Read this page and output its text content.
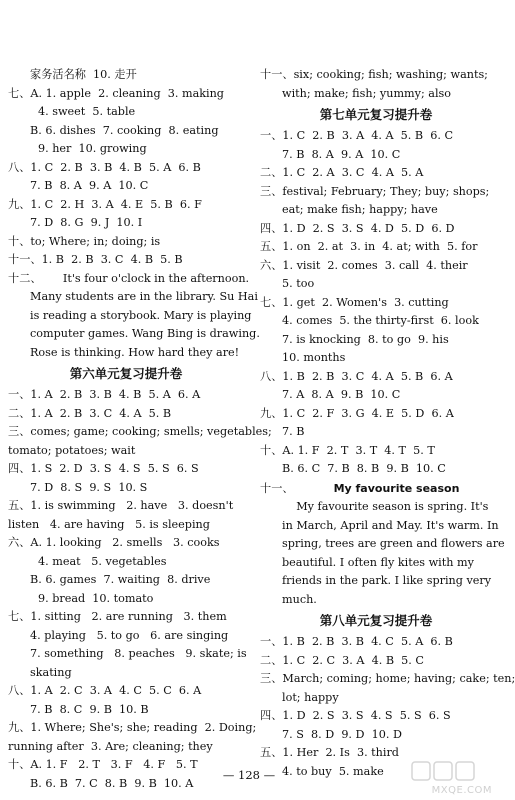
家务活名称  10. 走开
七、A. 1. apple  2. cleaning  3. making
4. sweet  5. table
B. 6. dishes  7. cooking  8. eating
9. her  10. growing
八、1. C  2. B  3. B  4. B  5. A  6. B
7. B  8. A  9. A  10. C
九、1. C  2. H  3. A  4. E  5. B  6. F
7. D  8. G  9. J  10. I
十、to; Where; in; doing; is
十一、1. B  2. B  3. C  4. B  5. B
十二、      It's four o'clock in the afternoon.
Many students are in the library. Su Hai
is reading a storybook. Mary is playing
computer games. Wang Bing is drawing.
Rose is thinking. How hard they are!
第六单元复习提升卷
一、1. A  2. B  3. B  4. B  5. A  6. A
二、1. A  2. B  3. C  4. A  5. B
三、comes; game; cooking; smells; vegetables;
tomato; potatoes; wait
四、1. S  2. D  3. S  4. S  5. S  6. S
7. D  8. S  9. S  10. S
五、1. is swimming   2. have   3. doesn't
listen   4. are having   5. is sleeping
六、A. 1. looking   2. smells   3. cooks
4. meat   5. vegetables
B. 6. games  7. waiting  8. drive
9. bread  10. tomato
七、1. sitting   2. are running   3. them
4. playing   5. to go   6. are singing
7. something   8. peaches   9. skate; is
skating
八、1. A  2. C  3. A  4. C  5. C  6. A
7. B  8. C  9. B  10. B
九、1. Where; She's; she; reading  2. Doing;
running after  3. Are; cleaning; they
十、A. 1. F   2. T   3. F   4. F   5. T
B. 6. B  7. C  8. B  9. B  10. A
十一、six; cooking; fish; washing; wants;
with; make; fish; yummy; also
第七单元复习提升卷
一、1. C  2. B  3. A  4. A  5. B  6. C
7. B  8. A  9. A  10. C
二、1. C  2. A  3. C  4. A  5. A
三、festival; February; They; buy; shops;
eat; make fish; happy; have
四、1. D  2. S  3. S  4. D  5. D  6. D
五、1. on  2. at  3. in  4. at; with  5. for
六、1. visit  2. comes  3. call  4. their
5. too
七、1. get  2. Women's  3. cutting
4. comes  5. the thirty-first  6. look
7. is knocking  8. to go  9. his
10. months
八、1. B  2. B  3. C  4. A  5. B  6. A
7. A  8. A  9. B  10. C
九、1. C  2. F  3. G  4. E  5. D  6. A
7. B
十、A. 1. F  2. T  3. T  4. T  5. T
B. 6. C  7. B  8. B  9. B  10. C
十一、	My favourite season
My favourite season is spring. It's
in March, April and May. It's warm. In
spring, trees are green and flowers are
beautiful. I often fly kites with my
friends in the park. I like spring very
much.
第八单元复习提升卷
一、1. B  2. B  3. B  4. C  5. A  6. B
二、1. C  2. C  3. A  4. B  5. C
三、March; coming; home; having; cake; ten;
lot; happy
四、1. D  2. S  3. S  4. S  5. S  6. S
7. S  8. D  9. D  10. D
五、1. Her  2. Is  3. third
4. to buy  5. make
— 128 —
MXQE.COM
